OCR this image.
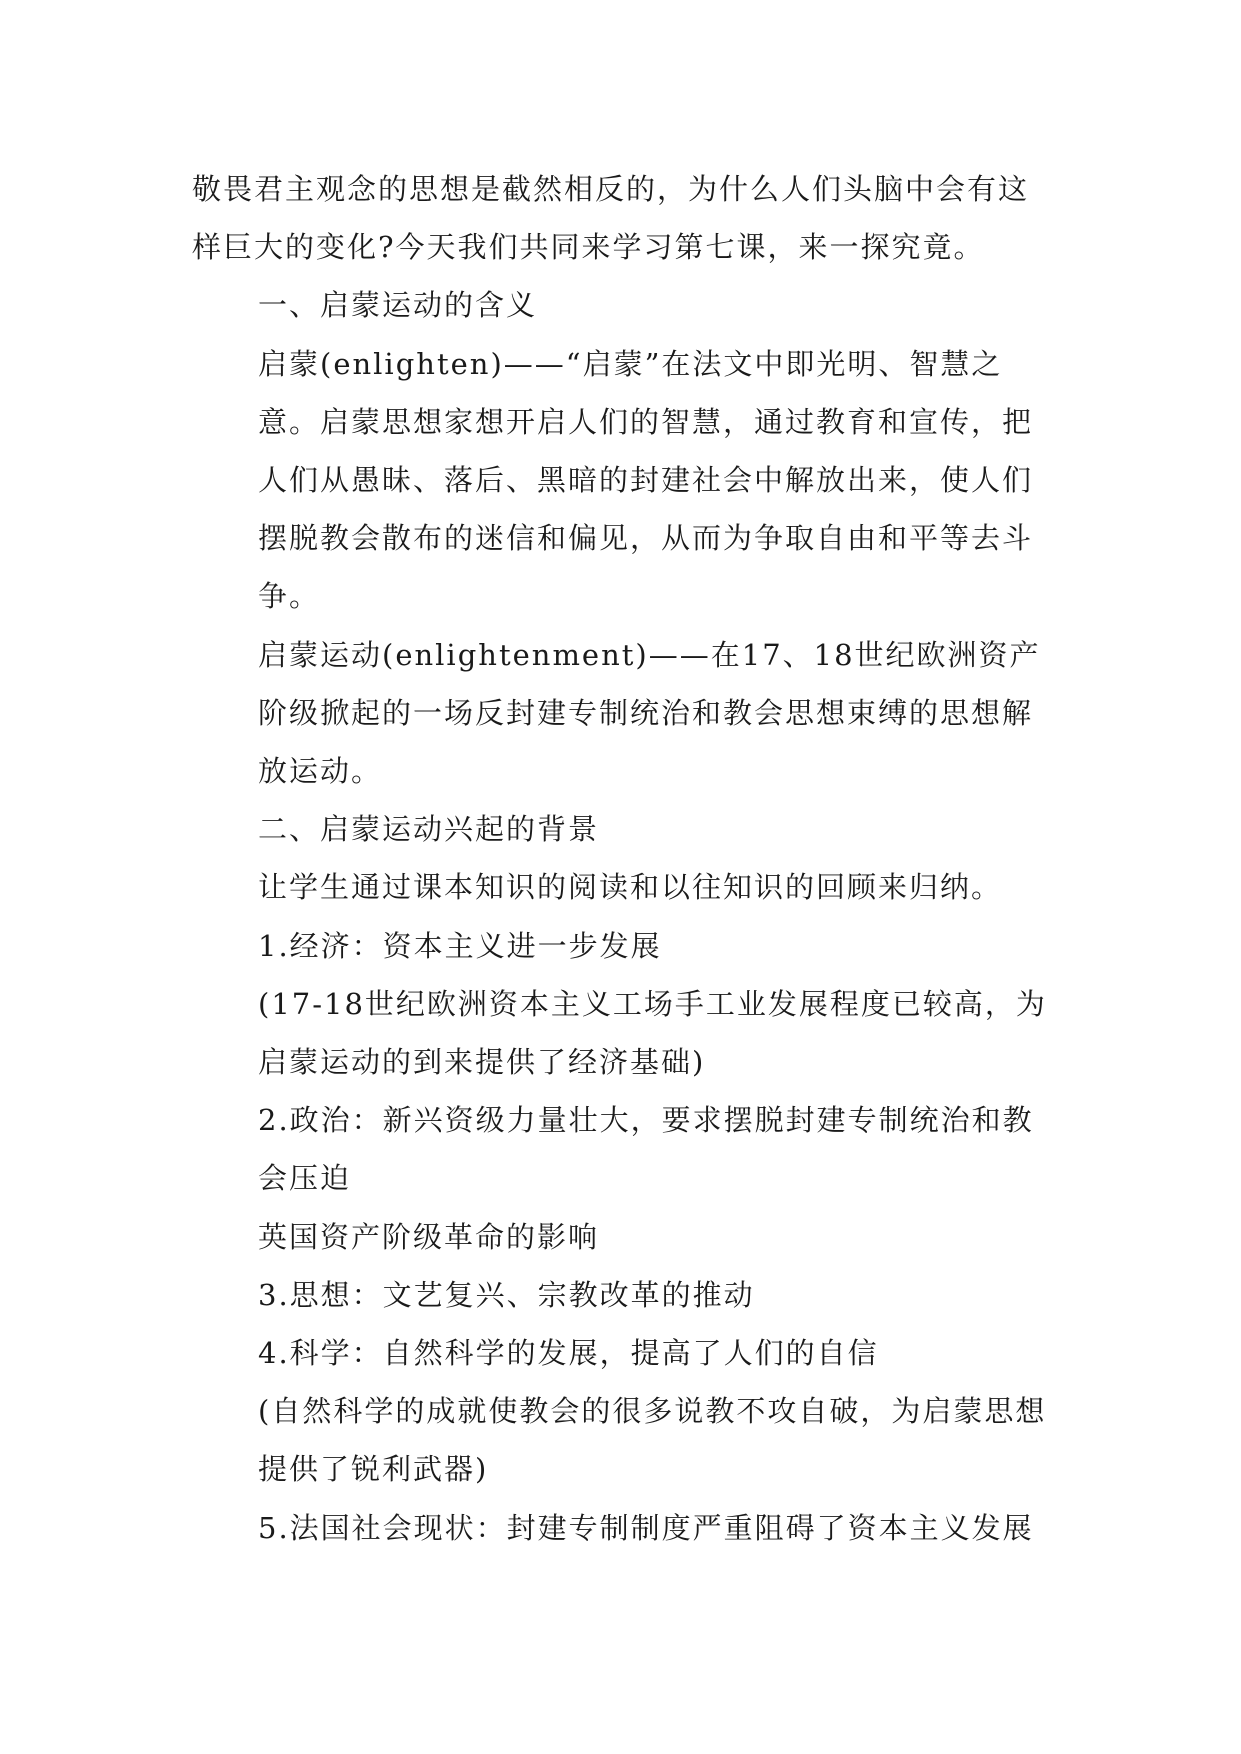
敬畏君主观念的思想是截然相反的，为什么人们头脑中会有这样巨大的变化?今天我们共同来学习第七课，来一探究竟。

一、启蒙运动的含义

启蒙(enlighten)——“启蒙”在法文中即光明、智慧之意。启蒙思想家想开启人们的智慧，通过教育和宣传，把人们从愚昧、落后、黑暗的封建社会中解放出来，使人们摆脱教会散布的迷信和偏见，从而为争取自由和平等去斗争。

启蒙运动(enlightenment)——在17、18世纪欧洲资产阶级掀起的一场反封建专制统治和教会思想束缚的思想解放运动。

二、启蒙运动兴起的背景

让学生通过课本知识的阅读和以往知识的回顾来归纳。

1.经济：资本主义进一步发展

(17-18世纪欧洲资本主义工场手工业发展程度已较高，为启蒙运动的到来提供了经济基础)

2.政治：新兴资级力量壮大，要求摆脱封建专制统治和教会压迫

英国资产阶级革命的影响

3.思想：文艺复兴、宗教改革的推动

4.科学：自然科学的发展，提高了人们的自信

(自然科学的成就使教会的很多说教不攻自破，为启蒙思想提供了锐利武器)

5.法国社会现状：封建专制制度严重阻碍了资本主义发展
